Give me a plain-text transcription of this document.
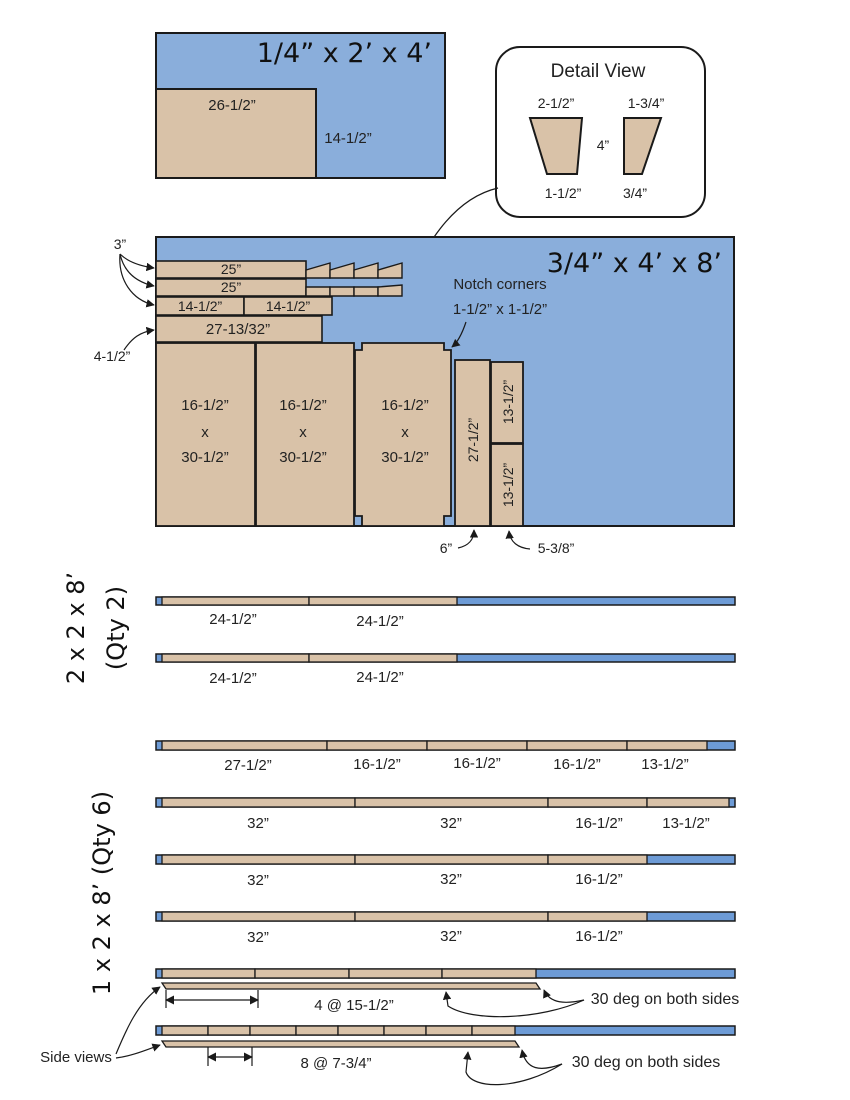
1/4” x 2’ x 4’
26-1/2”
14-1/2”
Detail View
2-1/2”
1-1/2”
4”
1-3/4”
3/4”
3/4” x 4’ x 8’
25”
25”
14-1/2”	14-1/2”
27-13/32”
3”
4-1/2”
16-1/2”
x
30-1/2”
16-1/2”
x
30-1/2”
16-1/2”
x
30-1/2”
Notch corners
1-1/2” x 1-1/2”
27-1/2”
13-1/2”
13-1/2”
6”	5-3/8”
2 x 2 x 8’ (Qty 2)	24-1/2”	24-1/2”
24-1/2”	24-1/2”
1 x 2 x 8’ (Qty 6)
27-1/2”	16-1/2”	16-1/2”	16-1/2”	13-1/2”
32”	32”	16-1/2”	13-1/2”
32”	32”	16-1/2”
32”	32”	16-1/2”
4 @ 15-1/2”	30 deg on both sides
8 @ 7-3/4”	30 deg on both sides
Side views
